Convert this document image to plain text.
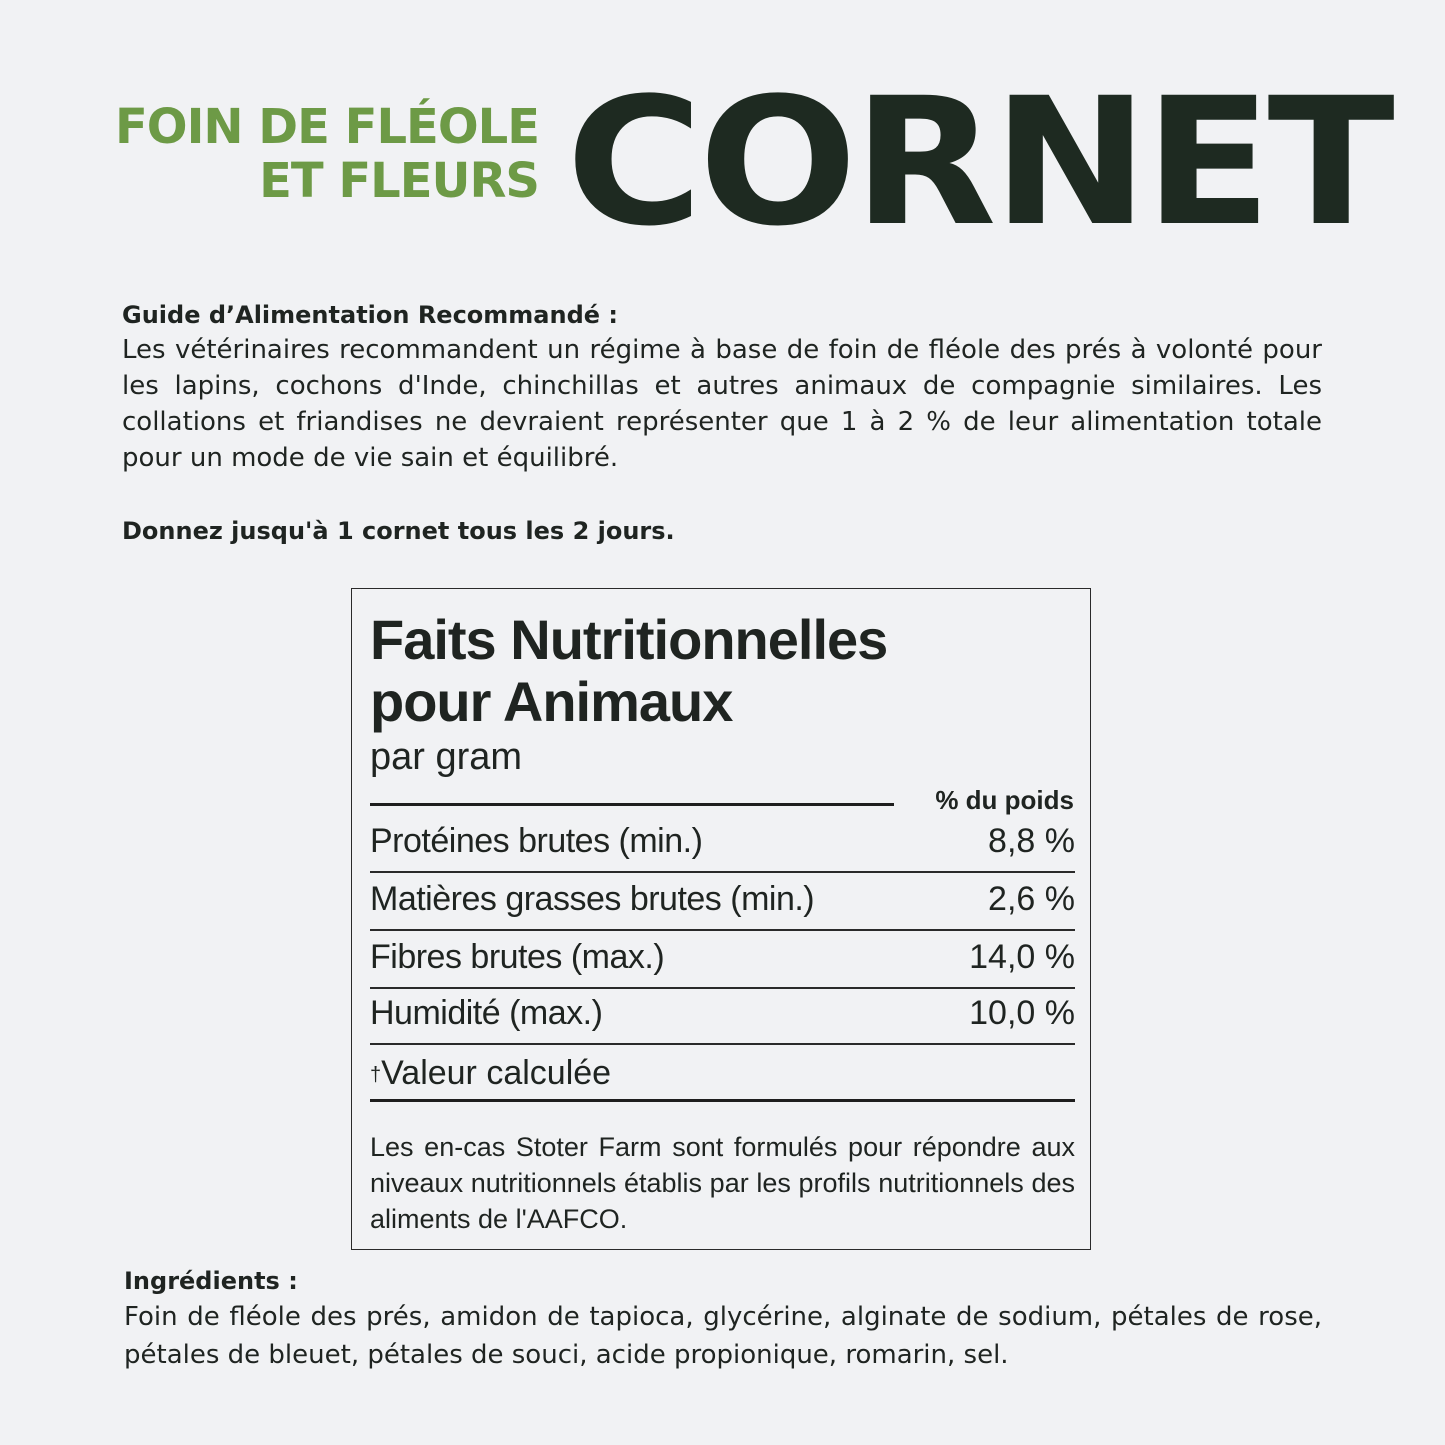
FOIN DE FLÉOLE
ET FLEURS CORNET
Guide d’Alimentation Recommandé :

Les vétérinaires recommandent un régime à base de foin de fléole des prés à volonté pour les lapins, cochons d'Inde, chinchillas et autres animaux de compagnie similaires. Les collations et friandises ne devraient représenter que 1 à 2 % de leur alimentation totale pour un mode de vie sain et équilibré.

Donnez jusqu'à 1 cornet tous les 2 jours.
Faits Nutritionnelles
pour Animaux
par gram
% du poids
Protéines brutes (min.)	8,8 %
Matières grasses brutes (min.)	2,6 %
Fibres brutes (max.)	14,0 %
Humidité (max.)	10,0 %
†Valeur calculée

Les en-cas Stoter Farm sont formulés pour répondre aux niveaux nutritionnels établis par les profils nutritionnels des aliments de l'AAFCO.

Ingrédients :

Foin de fléole des prés, amidon de tapioca, glycérine, alginate de sodium, pétales de rose, pétales de bleuet, pétales de souci, acide propionique, romarin, sel.
